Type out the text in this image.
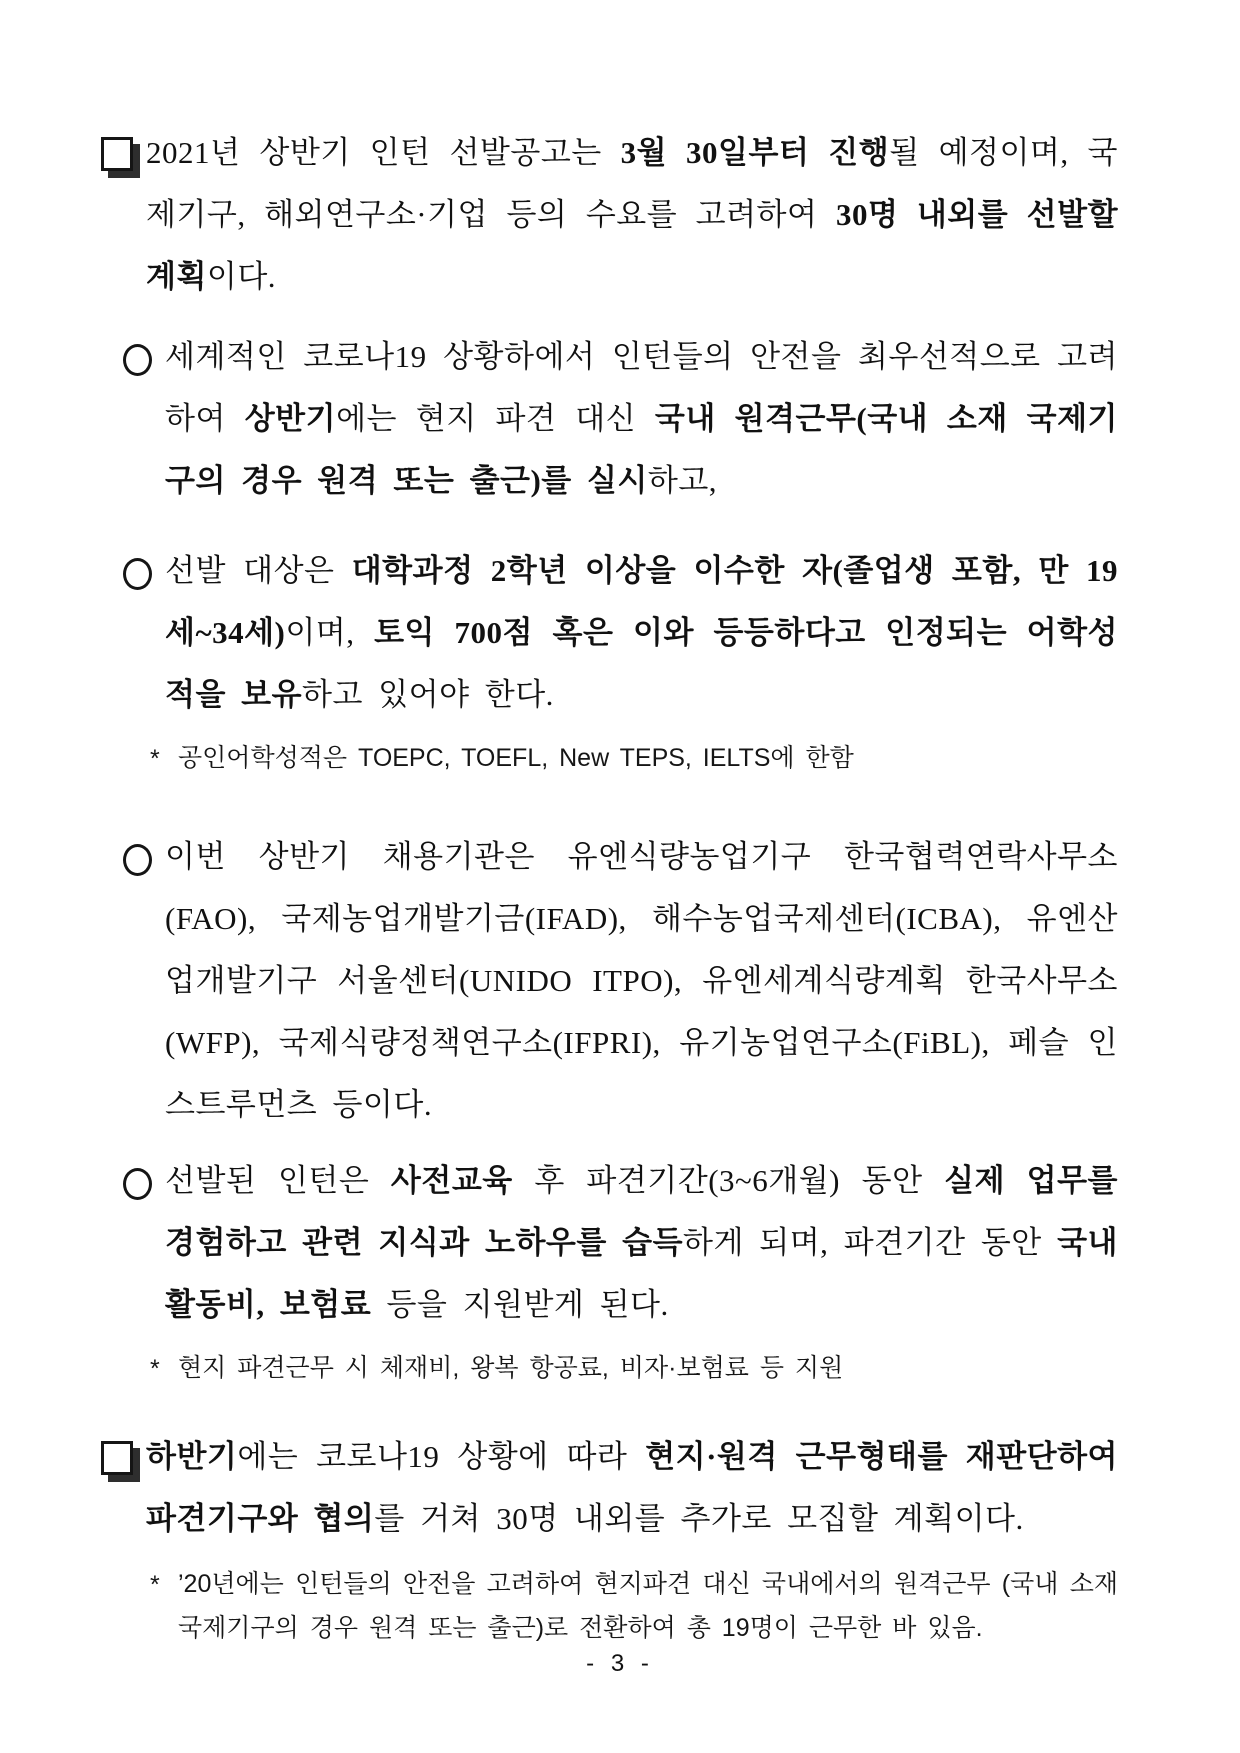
2021년 상반기 인턴 선발공고는 3월 30일부터 진행될 예정이며, 국제기구, 해외연구소·기업 등의 수요를 고려하여 30명 내외를 선발할 계획이다.
세계적인 코로나19 상황하에서 인턴들의 안전을 최우선적으로 고려하여 상반기에는 현지 파견 대신 국내 원격근무(국내 소재 국제기구의 경우 원격 또는 출근)를 실시하고,
선발 대상은 대학과정 2학년 이상을 이수한 자(졸업생 포함, 만 19세~34세)이며, 토익 700점 혹은 이와 등등하다고 인정되는 어학성적을 보유하고 있어야 한다.
* 공인어학성적은 TOEPC, TOEFL, New TEPS, IELTS에 한함
이번 상반기 채용기관은 유엔식량농업기구 한국협력연락사무소(FAO), 국제농업개발기금(IFAD), 해수농업국제센터(ICBA), 유엔산업개발기구 서울센터(UNIDO ITPO), 유엔세계식량계획 한국사무소(WFP), 국제식량정책연구소(IFPRI), 유기농업연구소(FiBL), 페슬 인스트루먼츠 등이다.
선발된 인턴은 사전교육 후 파견기간(3~6개월) 동안 실제 업무를 경험하고 관련 지식과 노하우를 습득하게 되며, 파견기간 동안 국내 활동비, 보험료 등을 지원받게 된다.
* 현지 파견근무 시 체재비, 왕복 항공료, 비자·보험료 등 지원
하반기에는 코로나19 상황에 따라 현지·원격 근무형태를 재판단하여 파견기구와 협의를 거쳐 30명 내외를 추가로 모집할 계획이다.
* ’20년에는 인턴들의 안전을 고려하여 현지파견 대신 국내에서의 원격근무 (국내 소재 국제기구의 경우 원격 또는 출근)로 전환하여 총 19명이 근무한 바 있음.
- 3 -
